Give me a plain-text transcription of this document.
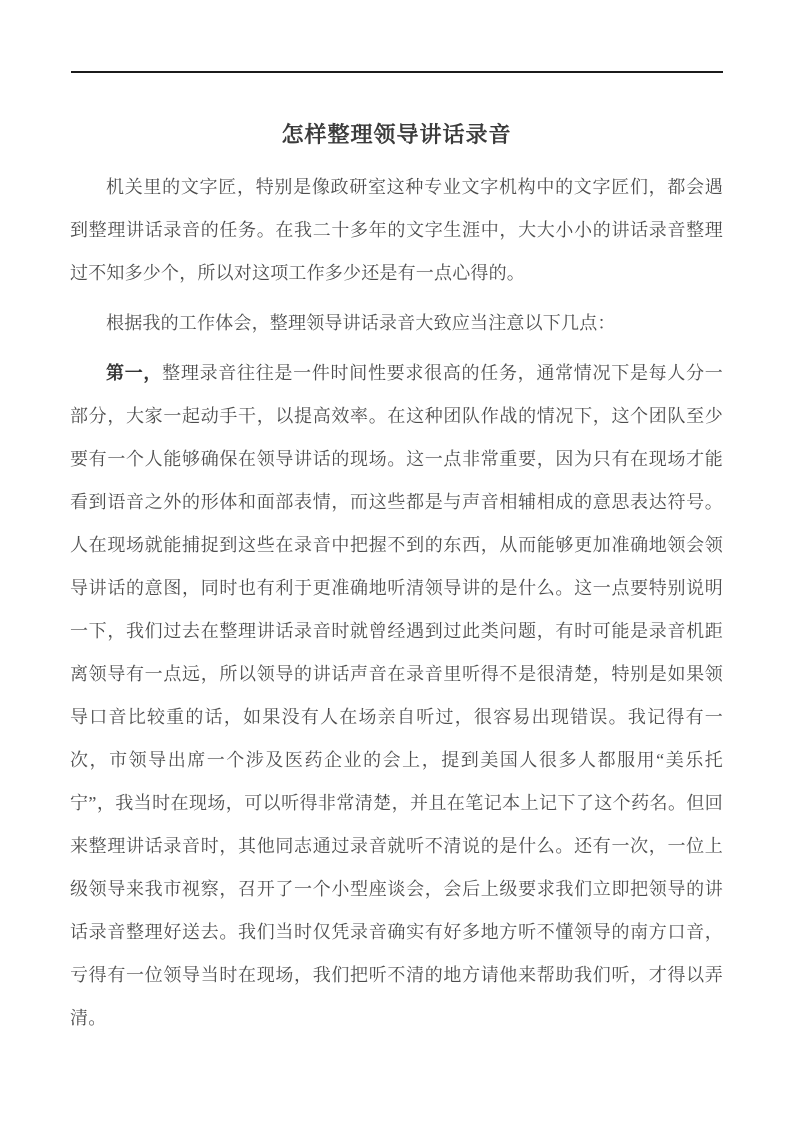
怎样整理领导讲话录音

机关里的文字匠，特别是像政研室这种专业文字机构中的文字匠们，都会遇到整理讲话录音的任务。在我二十多年的文字生涯中，大大小小的讲话录音整理过不知多少个，所以对这项工作多少还是有一点心得的。

根据我的工作体会，整理领导讲话录音大致应当注意以下几点：

第一，整理录音往往是一件时间性要求很高的任务，通常情况下是每人分一部分，大家一起动手干，以提高效率。在这种团队作战的情况下，这个团队至少要有一个人能够确保在领导讲话的现场。这一点非常重要，因为只有在现场才能看到语音之外的形体和面部表情，而这些都是与声音相辅相成的意思表达符号。人在现场就能捕捉到这些在录音中把握不到的东西，从而能够更加准确地领会领导讲话的意图，同时也有利于更准确地听清领导讲的是什么。这一点要特别说明一下，我们过去在整理讲话录音时就曾经遇到过此类问题，有时可能是录音机距离领导有一点远，所以领导的讲话声音在录音里听得不是很清楚，特别是如果领导口音比较重的话，如果没有人在场亲自听过，很容易出现错误。我记得有一次，市领导出席一个涉及医药企业的会上，提到美国人很多人都服用“美乐托宁”，我当时在现场，可以听得非常清楚，并且在笔记本上记下了这个药名。但回来整理讲话录音时，其他同志通过录音就听不清说的是什么。还有一次，一位上级领导来我市视察，召开了一个小型座谈会，会后上级要求我们立即把领导的讲话录音整理好送去。我们当时仅凭录音确实有好多地方听不懂领导的南方口音，亏得有一位领导当时在现场，我们把听不清的地方请他来帮助我们听，才得以弄清。
